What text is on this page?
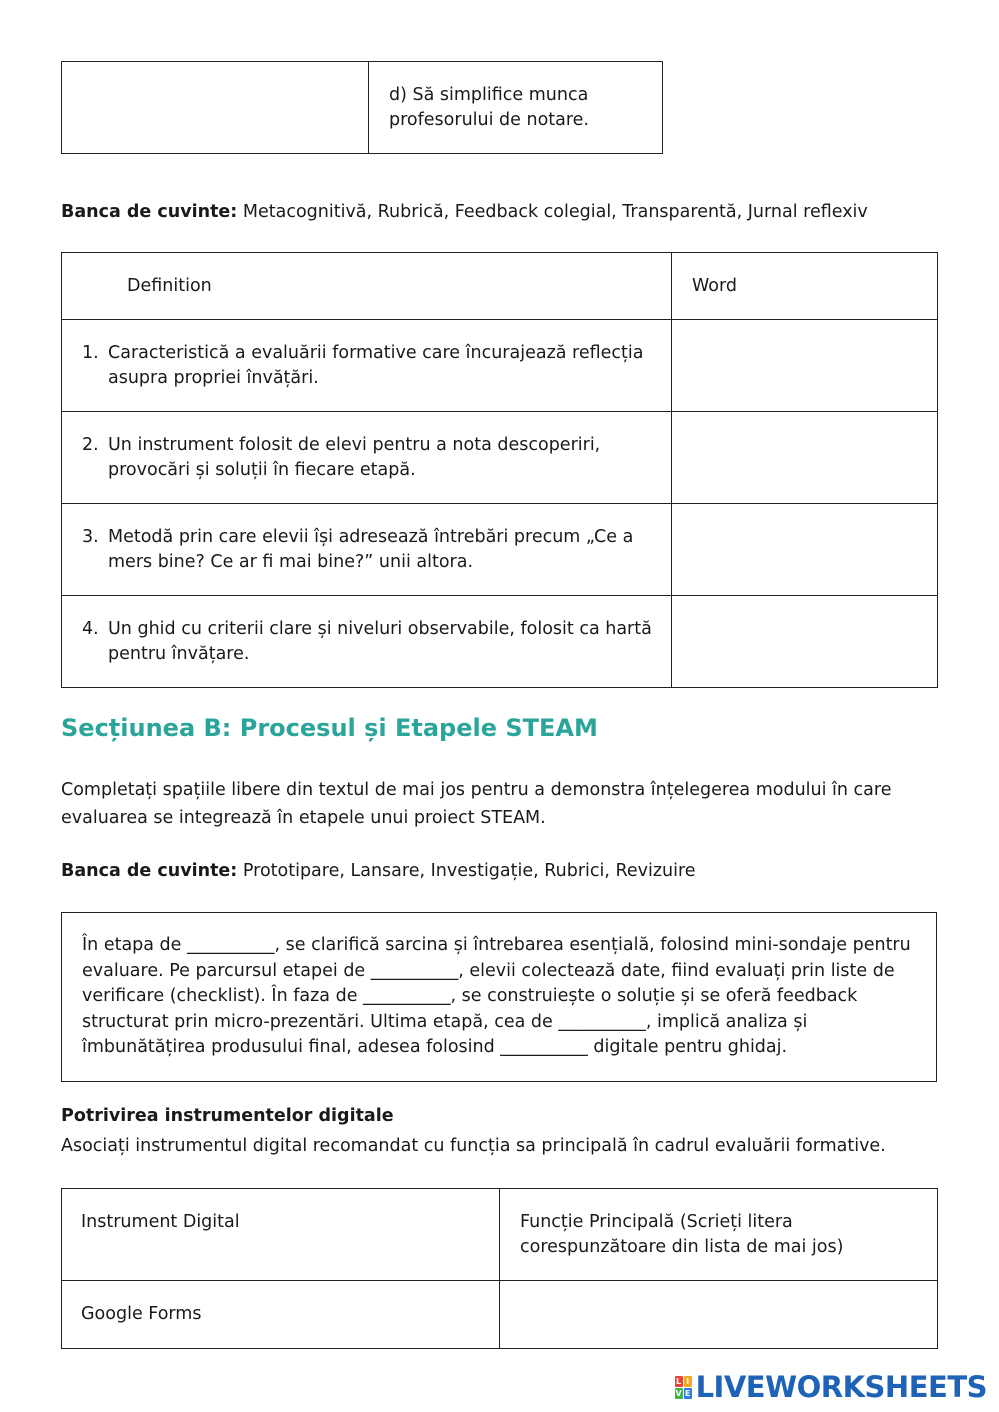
	d) Să simplifice munca profesorului de notare.
Banca de cuvinte: Metacognitivă, Rubrică, Feedback colegial, Transparentă, Jurnal reflexiv
Definition	Word

1. Caracteristică a evaluării formative care încurajează reflecția asupra propriei învățări.	

2. Un instrument folosit de elevi pentru a nota descoperiri, provocări și soluții în fiecare etapă.	

3. Metodă prin care elevii își adresează întrebări precum „Ce a mers bine? Ce ar fi mai bine?” unii altora.	

4. Un ghid cu criterii clare și niveluri observabile, folosit ca hartă pentru învățare.	

Secțiunea B: Procesul și Etapele STEAM
Completați spațiile libere din textul de mai jos pentru a demonstra înțelegerea modului în care evaluarea se integrează în etapele unui proiect STEAM.
Banca de cuvinte: Prototipare, Lansare, Investigație, Rubrici, Revizuire
În etapa de __________, se clarifică sarcina și întrebarea esențială, folosind mini-sondaje pentru evaluare. Pe parcursul etapei de __________, elevii colectează date, fiind evaluați prin liste de verificare (checklist). În faza de __________, se construiește o soluție și se oferă feedback structurat prin micro-prezentări. Ultima etapă, cea de __________, implică analiza și îmbunătățirea produsului final, adesea folosind __________ digitale pentru ghidaj.
Potrivirea instrumentelor digitale
Asociați instrumentul digital recomandat cu funcția sa principală în cadrul evaluării formative.
Instrument Digital	Funcție Principală (Scrieți litera corespunzătoare din lista de mai jos)
Google Forms	
L I
V E LIVEWORKSHEETS
